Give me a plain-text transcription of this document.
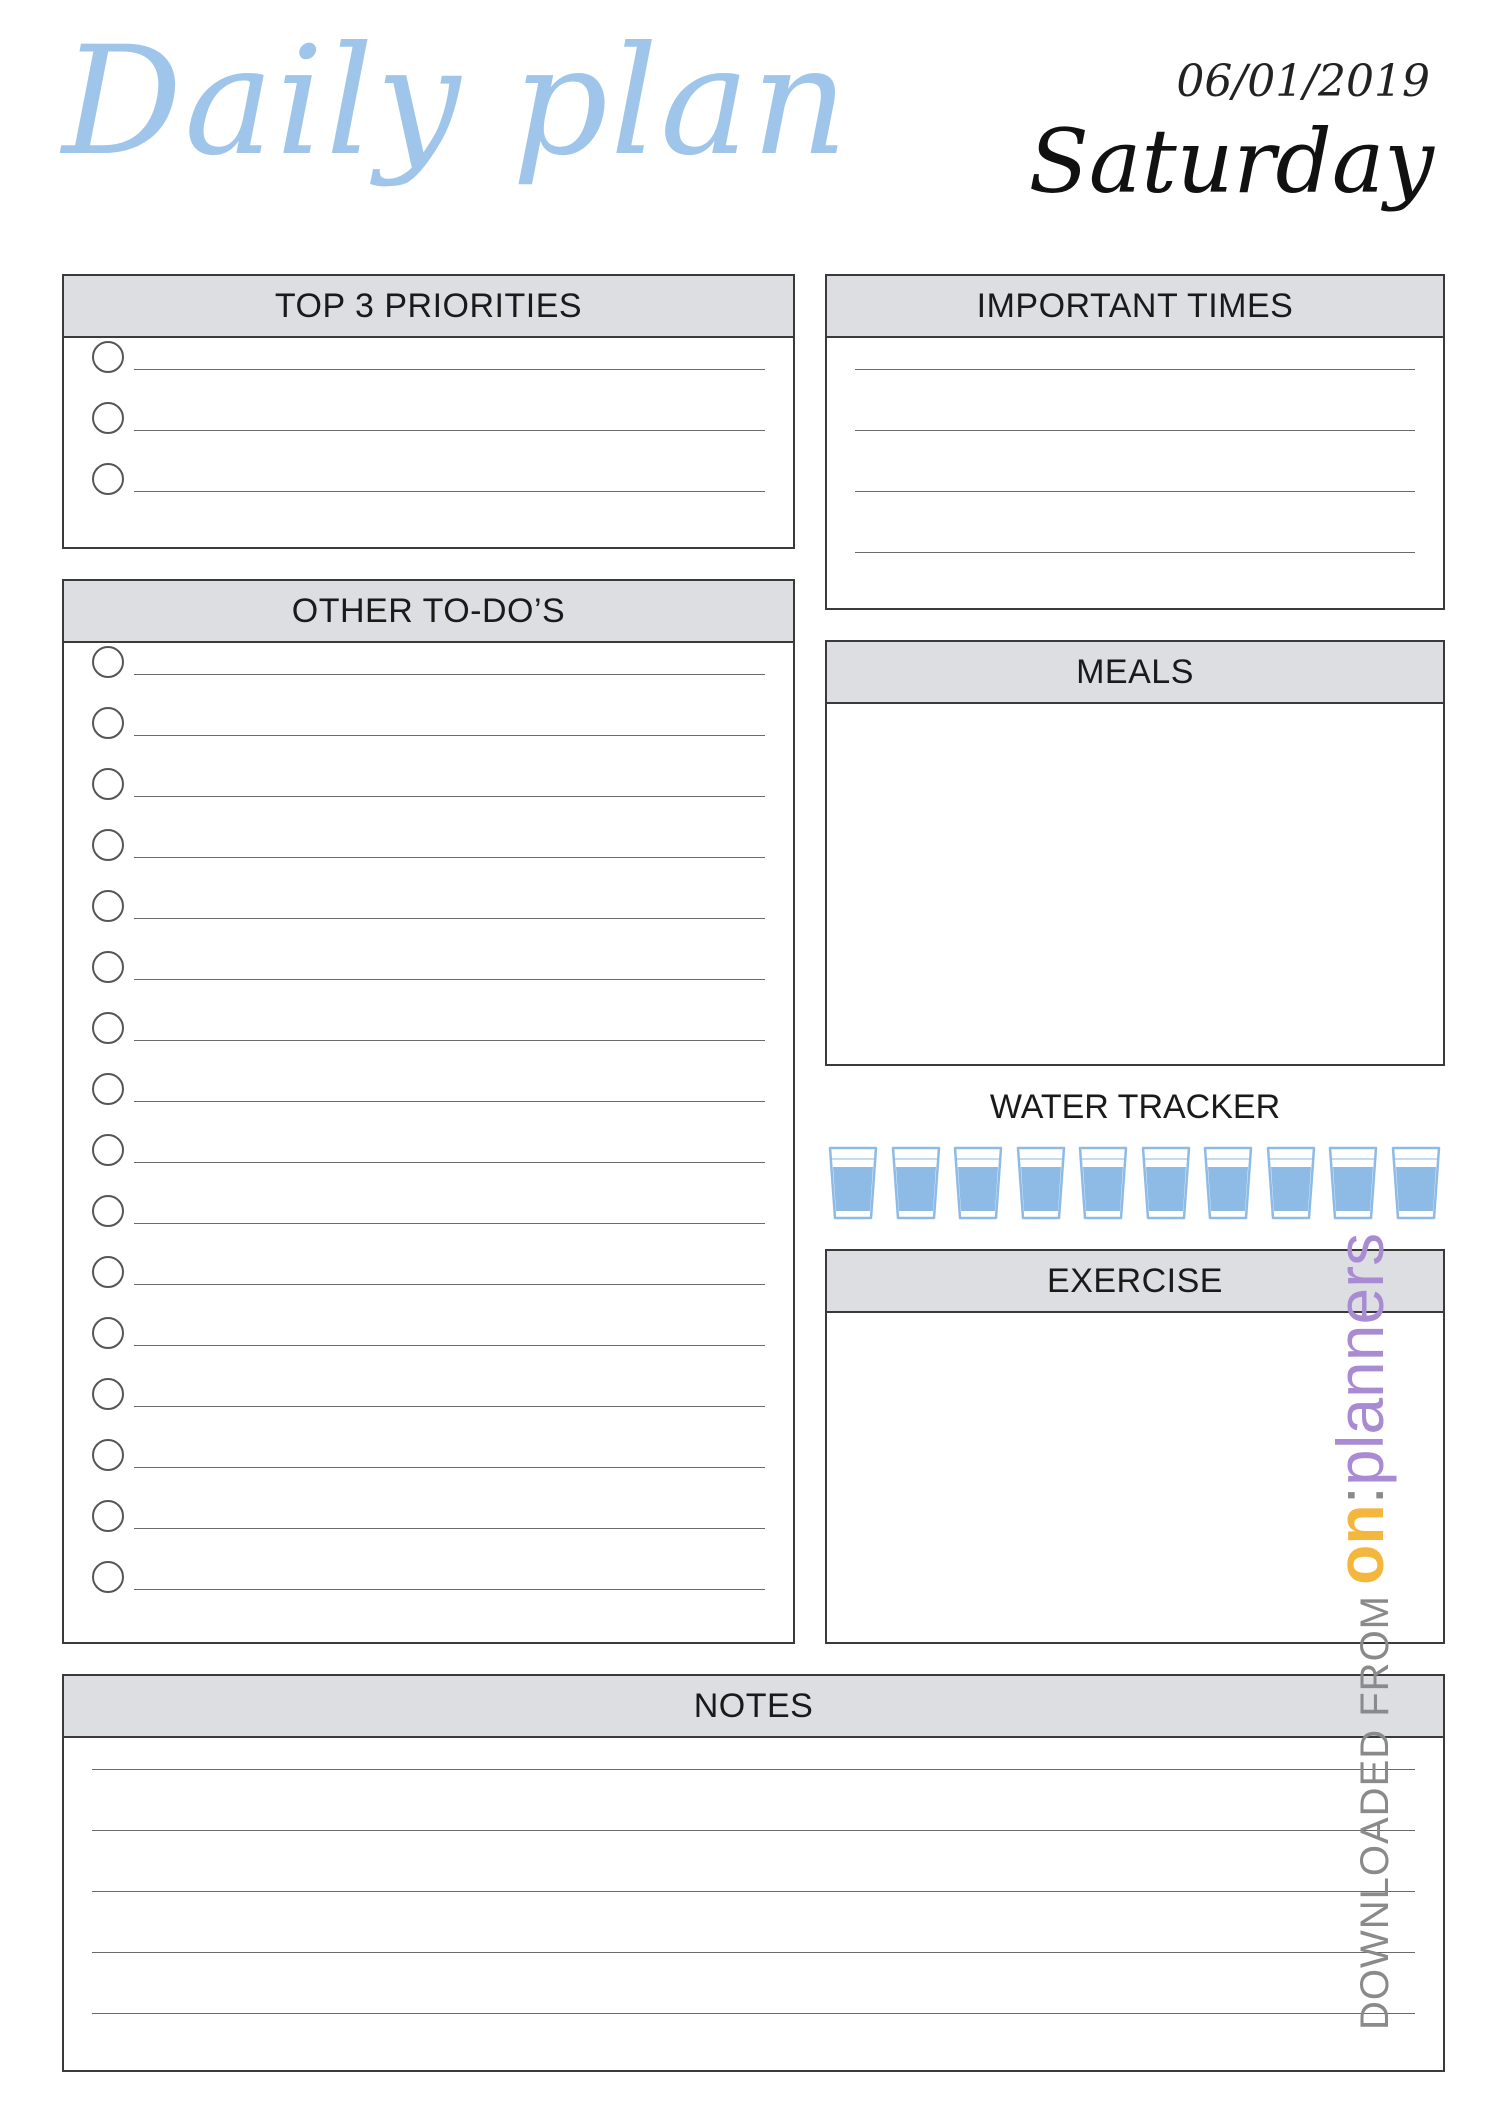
Daily plan	06/01/2019
Saturday
TOP 3 PRIORITIES	IMPORTANT TIMES
OTHER TO-DO’S
MEALS
WATER TRACKER
EXERCISE
NOTES	DOWNLOADED FROM
on
:
planners
